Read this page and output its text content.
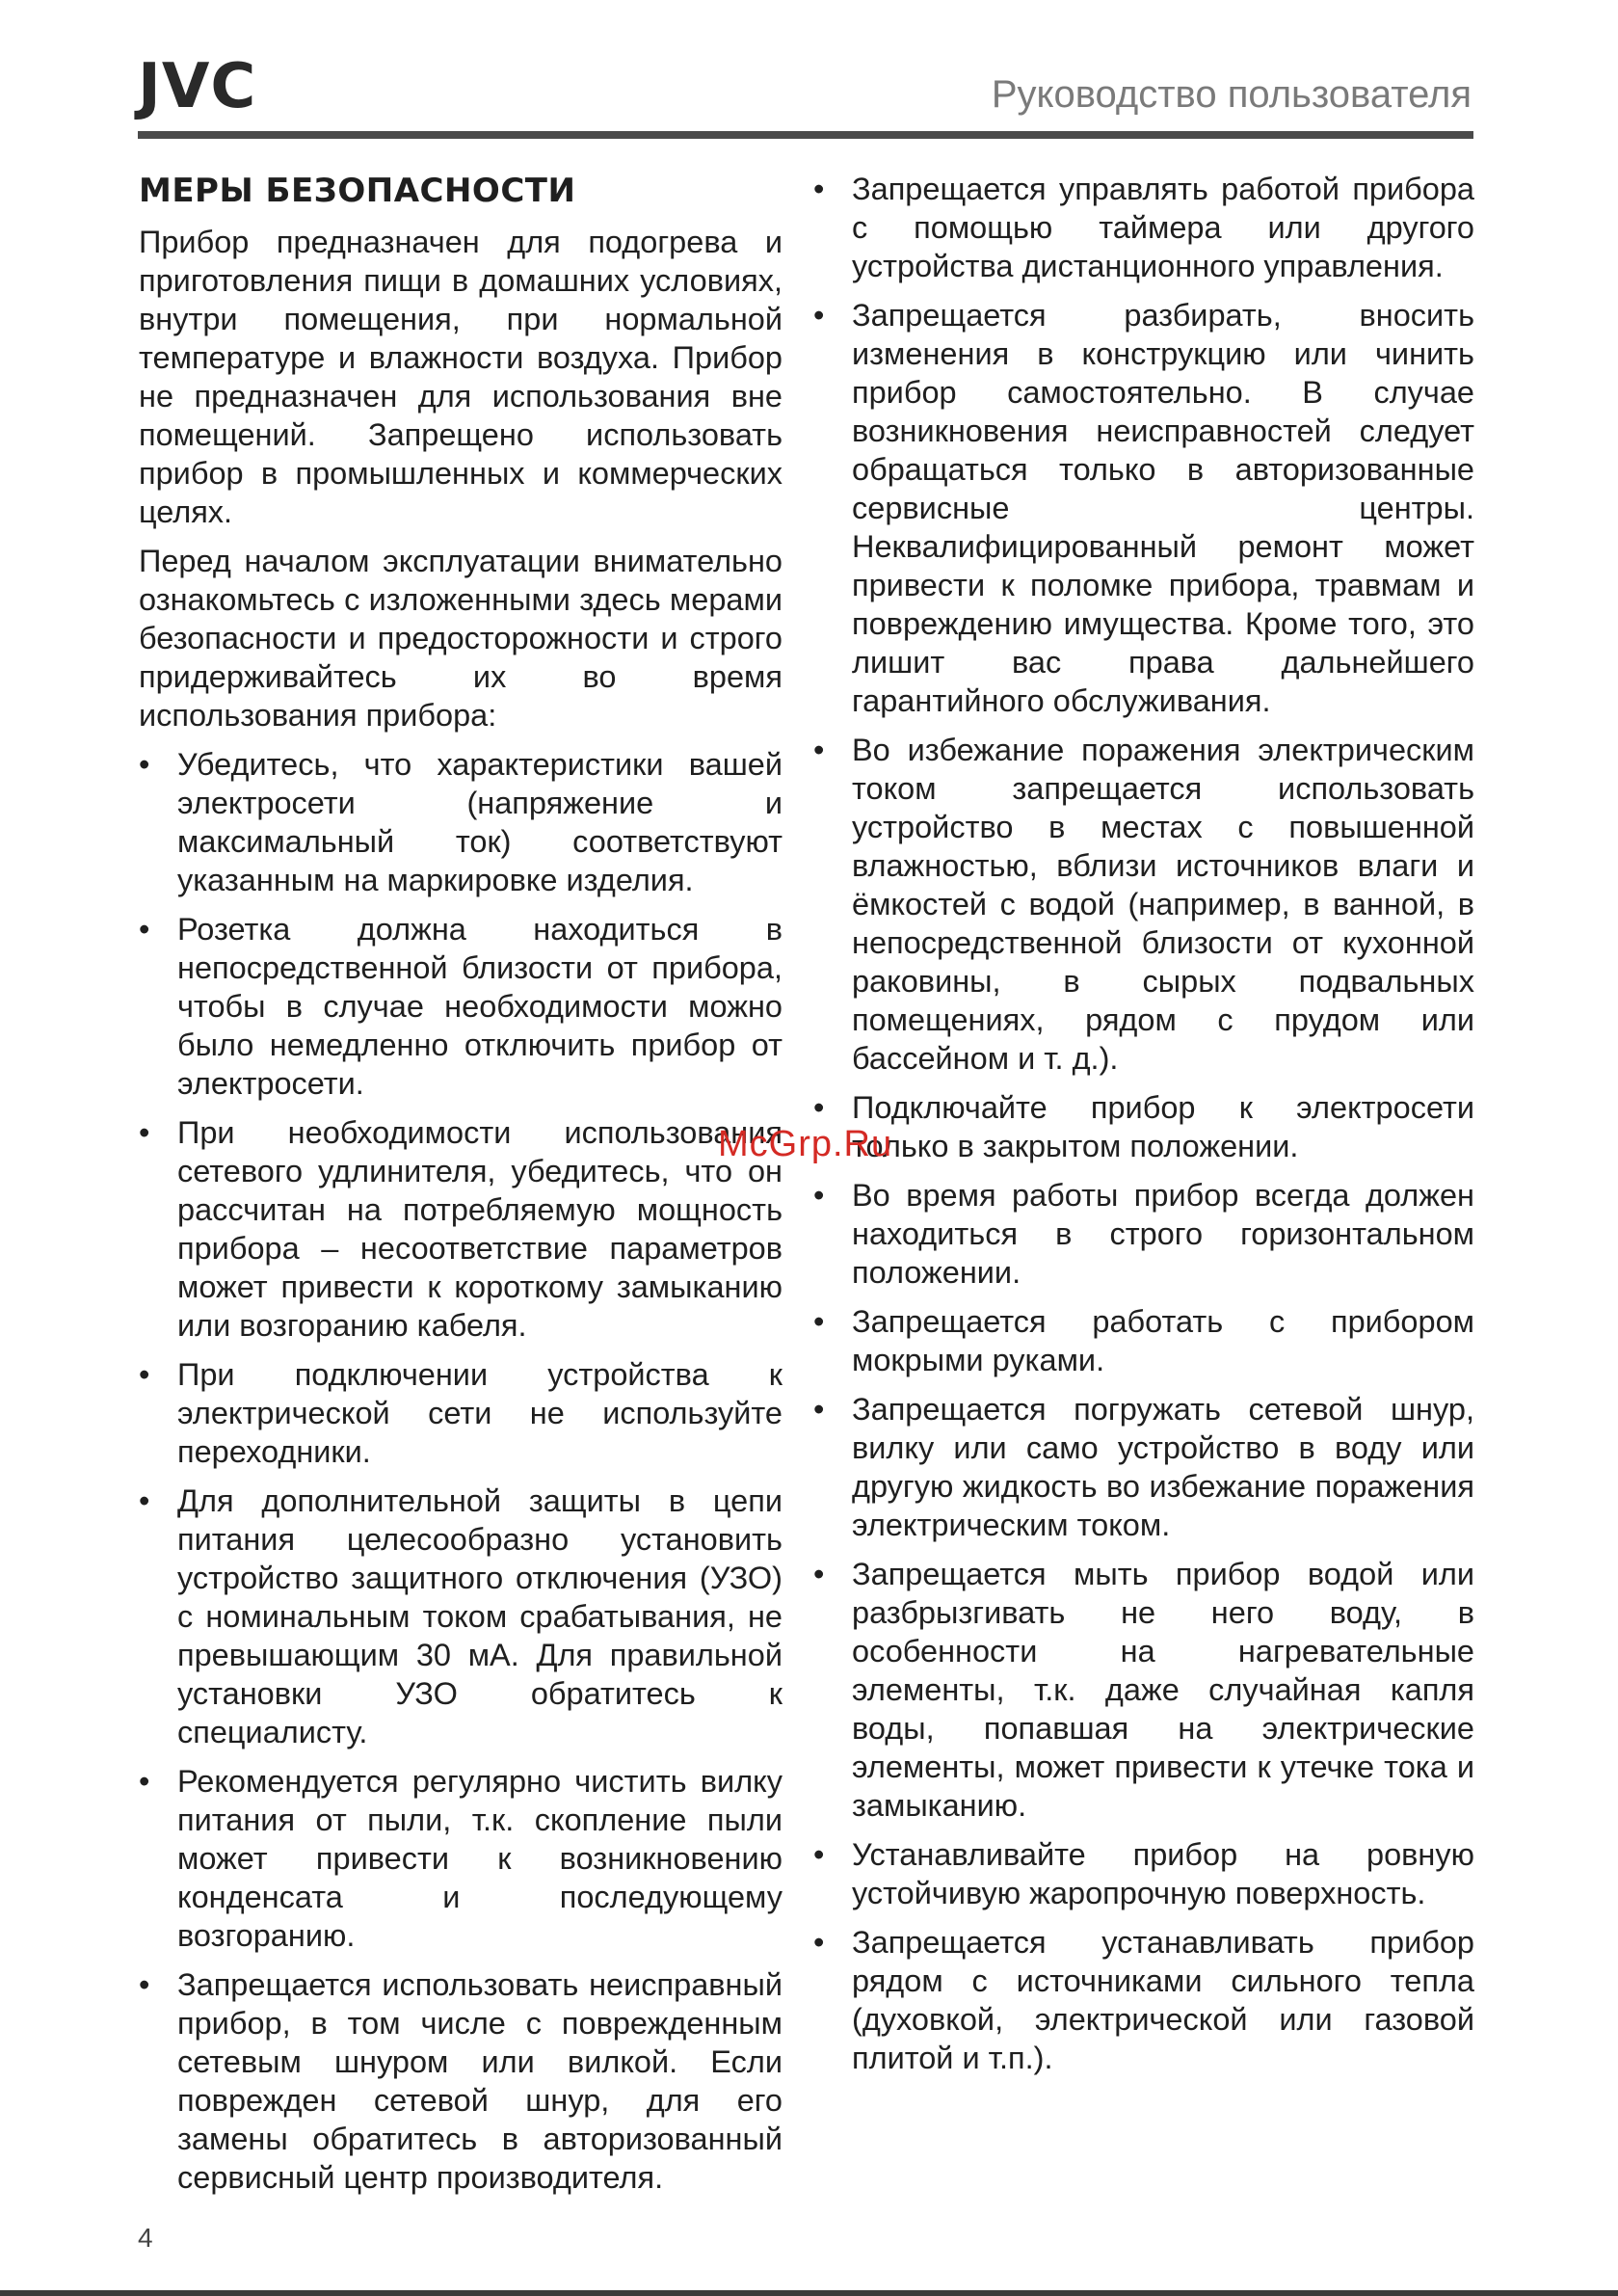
JVC	Руководство пользователя
МЕРЫ БЕЗОПАСНОСТИ

Прибор предназначен для подогрева и приготовления пищи в домашних условиях, внутри помещения, при нормальной температуре и влажности воздуха. Прибор не предназначен для использования вне помещений. Запрещено использовать прибор в промышленных и коммерческих целях.

Перед началом эксплуатации внимательно ознакомьтесь с изложенными здесь мерами безопасности и предосторожности и строго придерживайтесь их во время использования прибора:

• Убедитесь, что характеристики вашей электросети (напряжение и максимальный ток) соответствуют указанным на маркировке изделия.
• Розетка должна находиться в непосредственной близости от прибора, чтобы в случае необходимости можно было немедленно отключить прибор от электросети.
• При необходимости использования сетевого удлинителя, убедитесь, что он рассчитан на потребляемую мощность прибора – несоответствие параметров может привести к короткому замыканию или возгоранию кабеля.
• При подключении устройства к электрической сети не используйте переходники.
• Для дополнительной защиты в цепи питания целесообразно установить устройство защитного отключения (УЗО) с номинальным током срабатывания, не превышающим 30 мА. Для правильной установки УЗО обратитесь к специалисту.
• Рекомендуется регулярно чистить вилку питания от пыли, т.к. скопление пыли может привести к возникновению конденсата и последующему возгоранию.
• Запрещается использовать неисправный прибор, в том числе с поврежденным сетевым шнуром или вилкой. Если поврежден сетевой шнур, для его замены обратитесь в авторизованный сервисный центр производителя.
• Запрещается управлять работой прибора с помощью таймера или другого устройства дистанционного управления.
• Запрещается разбирать, вносить изменения в конструкцию или чинить прибор самостоятельно. В случае возникновения неисправностей следует обращаться только в авторизованные сервисные центры. Неквалифицированный ремонт может привести к поломке прибора, травмам и повреждению имущества. Кроме того, это лишит вас права дальнейшего гарантийного обслуживания.
• Во избежание поражения электрическим током запрещается использовать устройство в местах с повышенной влажностью, вблизи источников влаги и ёмкостей с водой (например, в ванной, в непосредственной близости от кухонной раковины, в сырых подвальных помещениях, рядом с прудом или бассейном и т. д.).
• Подключайте прибор к электросети только в закрытом положении.
• Во время работы прибор всегда должен находиться в строго горизонтальном положении.
• Запрещается работать с прибором мокрыми руками.
• Запрещается погружать сетевой шнур, вилку или само устройство в воду или другую жидкость во избежание поражения электрическим током.
• Запрещается мыть прибор водой или разбрызгивать не него воду, в особенности на нагревательные элементы, т.к. даже случайная капля воды, попавшая на электрические элементы, может привести к утечке тока и замыканию.
• Устанавливайте прибор на ровную устойчивую жаропрочную поверхность.
• Запрещается устанавливать прибор рядом с источниками сильного тепла (духовкой, электрической или газовой плитой и т.п.).
McGrp.Ru
4
